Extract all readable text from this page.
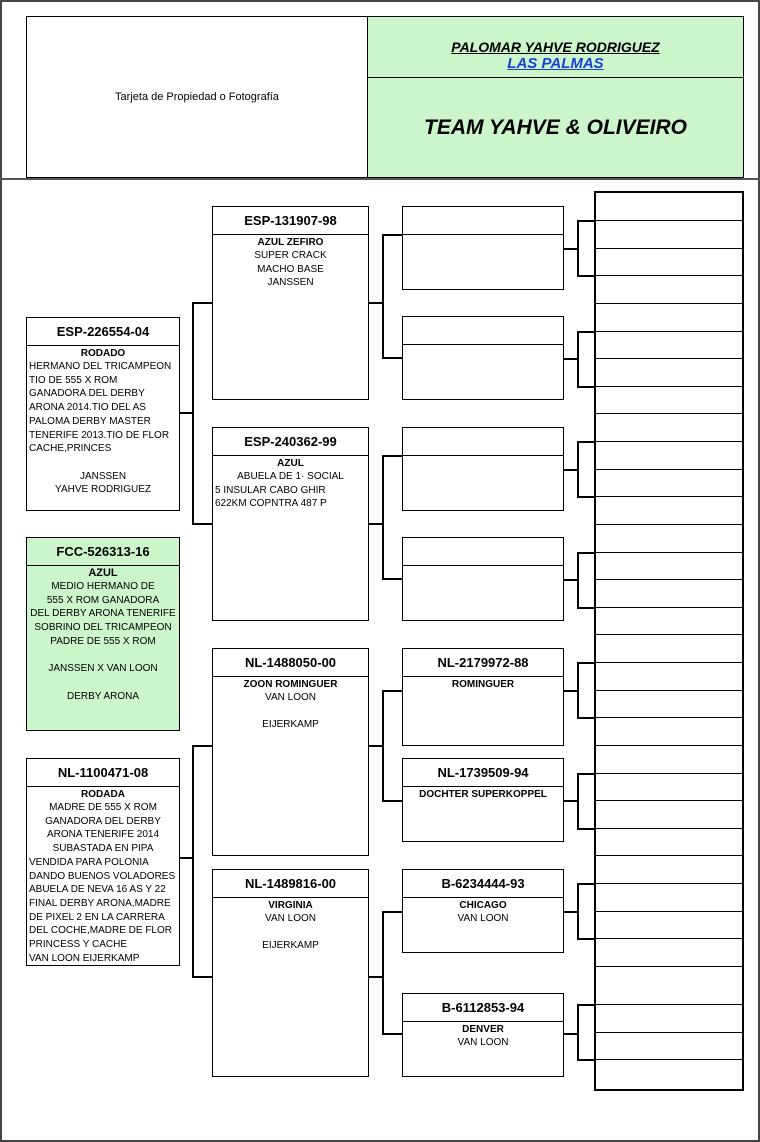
Tarjeta de Propiedad o Fotografía
PALOMAR YAHVE RODRIGUEZ
LAS PALMAS
TEAM YAHVE & OLIVEIRO
ESP-226554-04
RODADO
HERMANO DEL TRICAMPEON
TIO DE 555 X ROM
GANADORA DEL DERBY
ARONA 2014.TIO DEL AS
PALOMA DERBY MASTER
TENERIFE 2013.TIO DE FLOR
CACHE,PRINCES
JANSSEN
YAHVE RODRIGUEZ
FCC-526313-16
AZUL
MEDIO HERMANO DE
555 X ROM GANADORA
DEL DERBY ARONA TENERIFE
SOBRINO DEL TRICAMPEON
PADRE DE 555 X ROM
JANSSEN X VAN LOON
DERBY ARONA
NL-1100471-08
RODADA
MADRE DE 555 X ROM
GANADORA DEL DERBY
ARONA TENERIFE 2014
SUBASTADA EN PIPA
VENDIDA PARA POLONIA
DANDO BUENOS VOLADORES
ABUELA DE NEVA 16 AS Y 22
FINAL DERBY ARONA,MADRE
DE PIXEL 2 EN LA CARRERA
DEL COCHE,MADRE DE FLOR
PRINCESS Y CACHE
VAN LOON EIJERKAMP
ESP-131907-98
AZUL ZEFIRO
SUPER CRACK
MACHO BASE
JANSSEN
ESP-240362-99
AZUL
ABUELA DE 1· SOCIAL
5 INSULAR CABO GHIR
622KM COPNTRA 487 P
NL-1488050-00
ZOON ROMINGUER
VAN LOON
EIJERKAMP
NL-1489816-00
VIRGINIA
VAN LOON
EIJERKAMP
NL-2179972-88
ROMINGUER
NL-1739509-94
DOCHTER SUPERKOPPEL
B-6234444-93
CHICAGO
VAN LOON
B-6112853-94
DENVER
VAN LOON
